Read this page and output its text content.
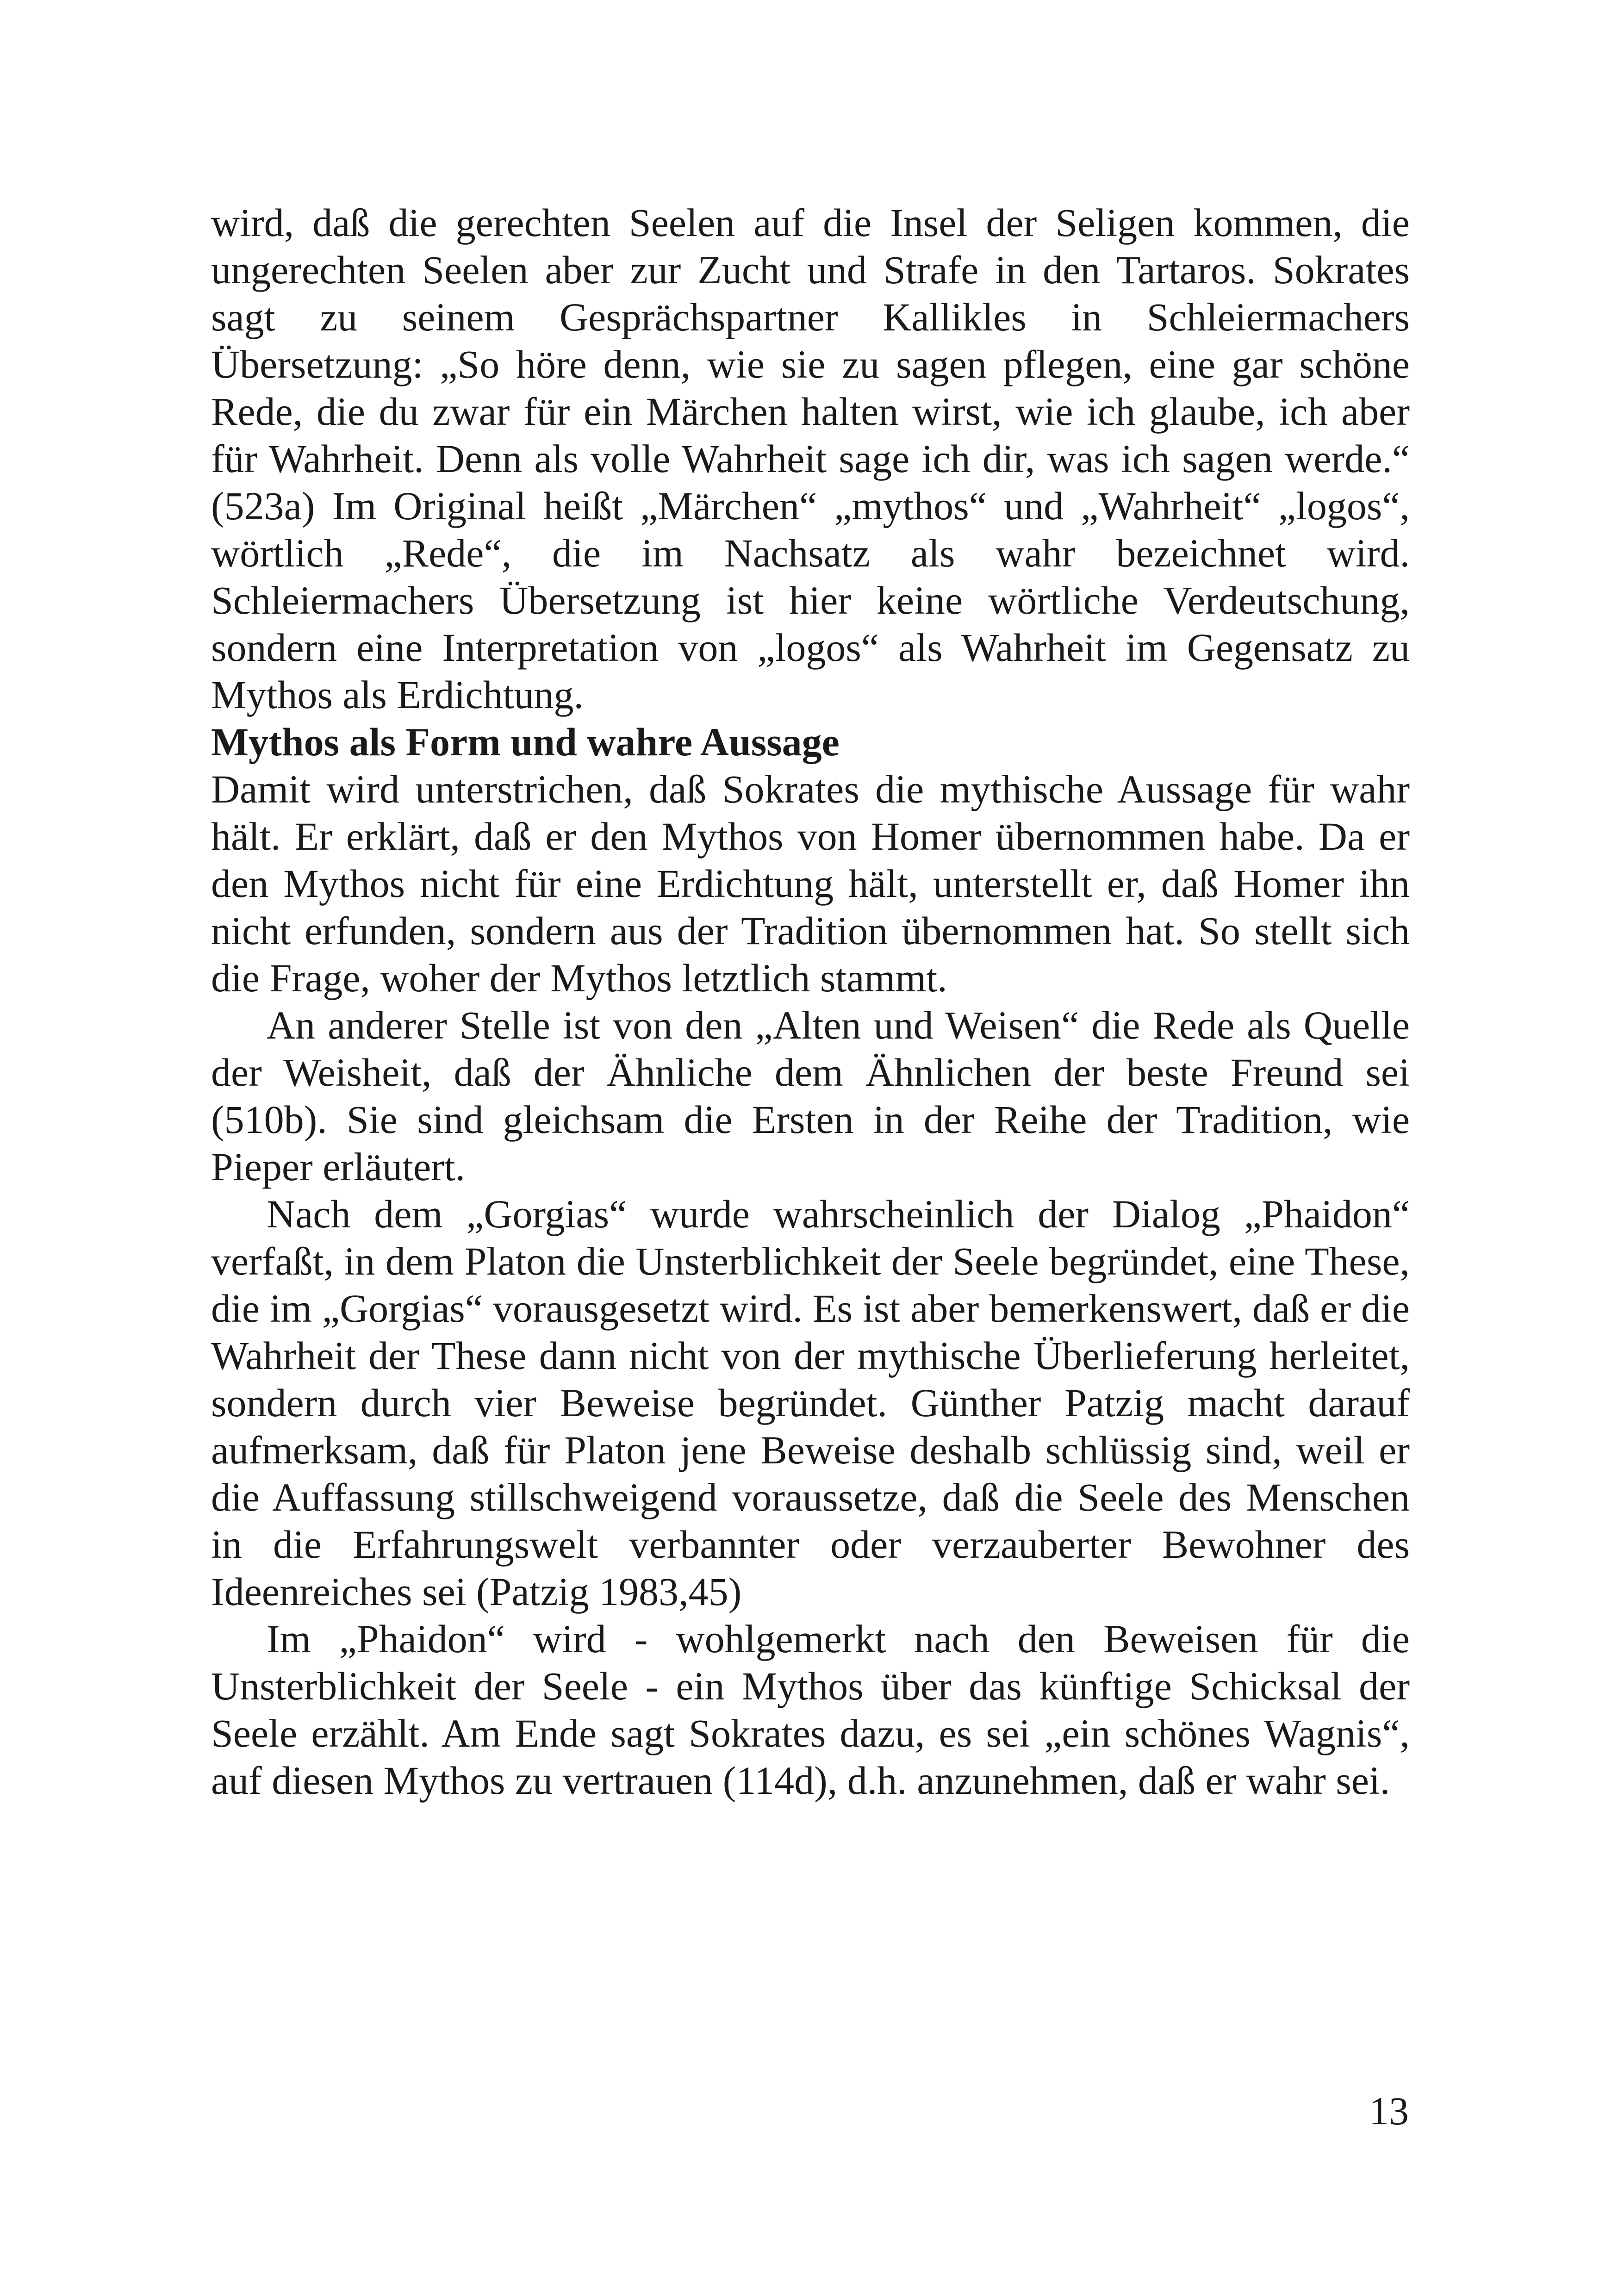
wird, daß die gerechten Seelen auf die Insel der Seligen kommen, die ungerechten Seelen aber zur Zucht und Strafe in den Tartaros. Sokrates sagt zu seinem Gesprächspartner Kallikles in Schleiermachers Übersetzung: „So höre denn, wie sie zu sagen pflegen, eine gar schöne Rede, die du zwar für ein Märchen halten wirst, wie ich glaube, ich aber für Wahrheit. Denn als volle Wahrheit sage ich dir, was ich sagen werde.“ (523a) Im Original heißt „Märchen“ „mythos“ und „Wahrheit“ „logos“, wörtlich „Rede“, die im Nachsatz als wahr bezeichnet wird. Schleiermachers Übersetzung ist hier keine wörtliche Verdeutschung, sondern eine Interpretation von „logos“ als Wahrheit im Gegensatz zu Mythos als Erdichtung.

Mythos als Form und wahre Aussage

Damit wird unterstrichen, daß Sokrates die mythische Aussage für wahr hält. Er erklärt, daß er den Mythos von Homer übernommen habe. Da er den Mythos nicht für eine Erdichtung hält, unterstellt er, daß Homer ihn nicht erfunden, sondern aus der Tradition übernommen hat. So stellt sich die Frage, woher der Mythos letztlich stammt.

An anderer Stelle ist von den „Alten und Weisen“ die Rede als Quelle der Weisheit, daß der Ähnliche dem Ähnlichen der beste Freund sei (510b). Sie sind gleichsam die Ersten in der Reihe der Tradition, wie Pieper erläutert.

Nach dem „Gorgias“ wurde wahrscheinlich der Dialog „Phaidon“ verfaßt, in dem Platon die Unsterblichkeit der Seele begründet, eine These, die im „Gorgias“ vorausgesetzt wird. Es ist aber bemerkenswert, daß er die Wahrheit der These dann nicht von der mythische Überlieferung herleitet, sondern durch vier Beweise begründet. Günther Patzig macht darauf aufmerksam, daß für Platon jene Beweise deshalb schlüssig sind, weil er die Auffassung stillschweigend voraussetze, daß die Seele des Menschen in die Erfahrungswelt verbannter oder verzauberter Bewohner des Ideenreiches sei (Patzig 1983,45)

Im „Phaidon“ wird - wohlgemerkt nach den Beweisen für die Unsterblichkeit der Seele - ein Mythos über das künftige Schicksal der Seele erzählt. Am Ende sagt Sokrates dazu, es sei „ein schönes Wagnis“, auf diesen Mythos zu vertrauen (114d), d.h. anzunehmen, daß er wahr sei.

13
